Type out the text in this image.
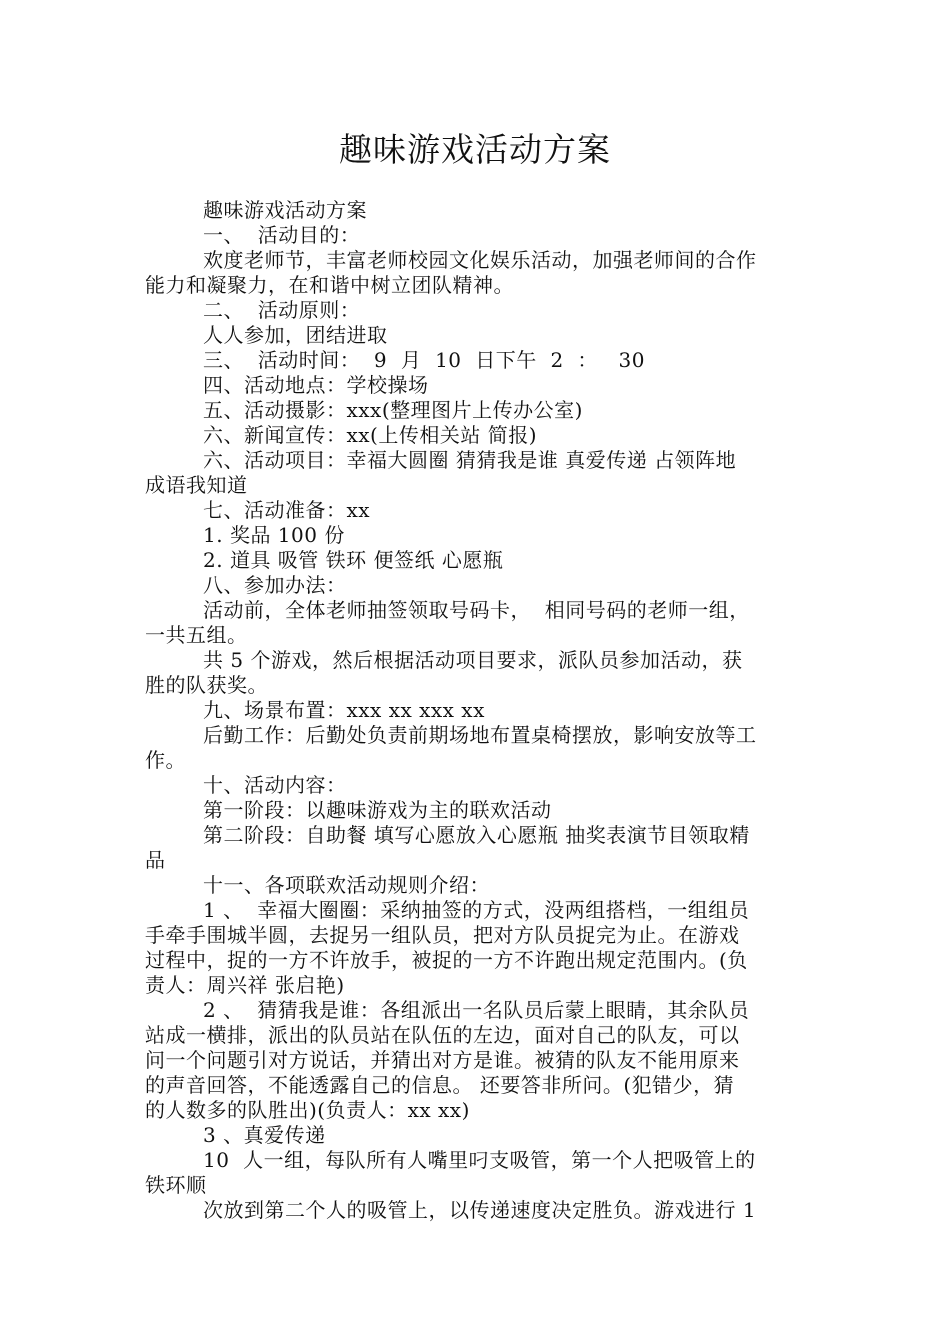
趣味游戏活动方案

趣味游戏活动方案

一、  活动目的：

欢度老师节，丰富老师校园文化娱乐活动，加强老师间的合作

能力和凝聚力，在和谐中树立团队精神。

二、  活动原则：

人人参加，团结进取

三、  活动时间：  9  月  10  日下午  2  ：   30

四、活动地点：学校操场

五、活动摄影：xxx(整理图片上传办公室)

六、新闻宣传：xx(上传相关站 简报)

六、活动项目：幸福大圆圈 猜猜我是谁 真爱传递 占领阵地

成语我知道

七、活动准备：xx

1. 奖品 100 份

2. 道具 吸管 铁环 便签纸 心愿瓶

八、参加办法：

活动前，全体老师抽签领取号码卡，  相同号码的老师一组，

一共五组。

共 5 个游戏，然后根据活动项目要求，派队员参加活动，获

胜的队获奖。

九、场景布置：xxx xx xxx xx

后勤工作：后勤处负责前期场地布置桌椅摆放，影响安放等工

作。

十、活动内容：

第一阶段：以趣味游戏为主的联欢活动

第二阶段：自助餐 填写心愿放入心愿瓶 抽奖表演节目领取精

品

十一、各项联欢活动规则介绍：

1 、  幸福大圈圈：采纳抽签的方式，没两组搭档，一组组员

手牵手围城半圆，去捉另一组队员，把对方队员捉完为止。在游戏

过程中，捉的一方不许放手，被捉的一方不许跑出规定范围内。(负

责人：周兴祥 张启艳)

2 、  猜猜我是谁：各组派出一名队员后蒙上眼睛，其余队员

站成一横排，派出的队员站在队伍的左边，面对自己的队友，可以

问一个问题引对方说话，并猜出对方是谁。被猜的队友不能用原来

的声音回答，不能透露自己的信息。 还要答非所问。(犯错少，猜

的人数多的队胜出)(负责人：xx xx)

3 、真爱传递

10  人一组，每队所有人嘴里叼支吸管，第一个人把吸管上的

铁环顺

次放到第二个人的吸管上，以传递速度决定胜负。游戏进行 1
